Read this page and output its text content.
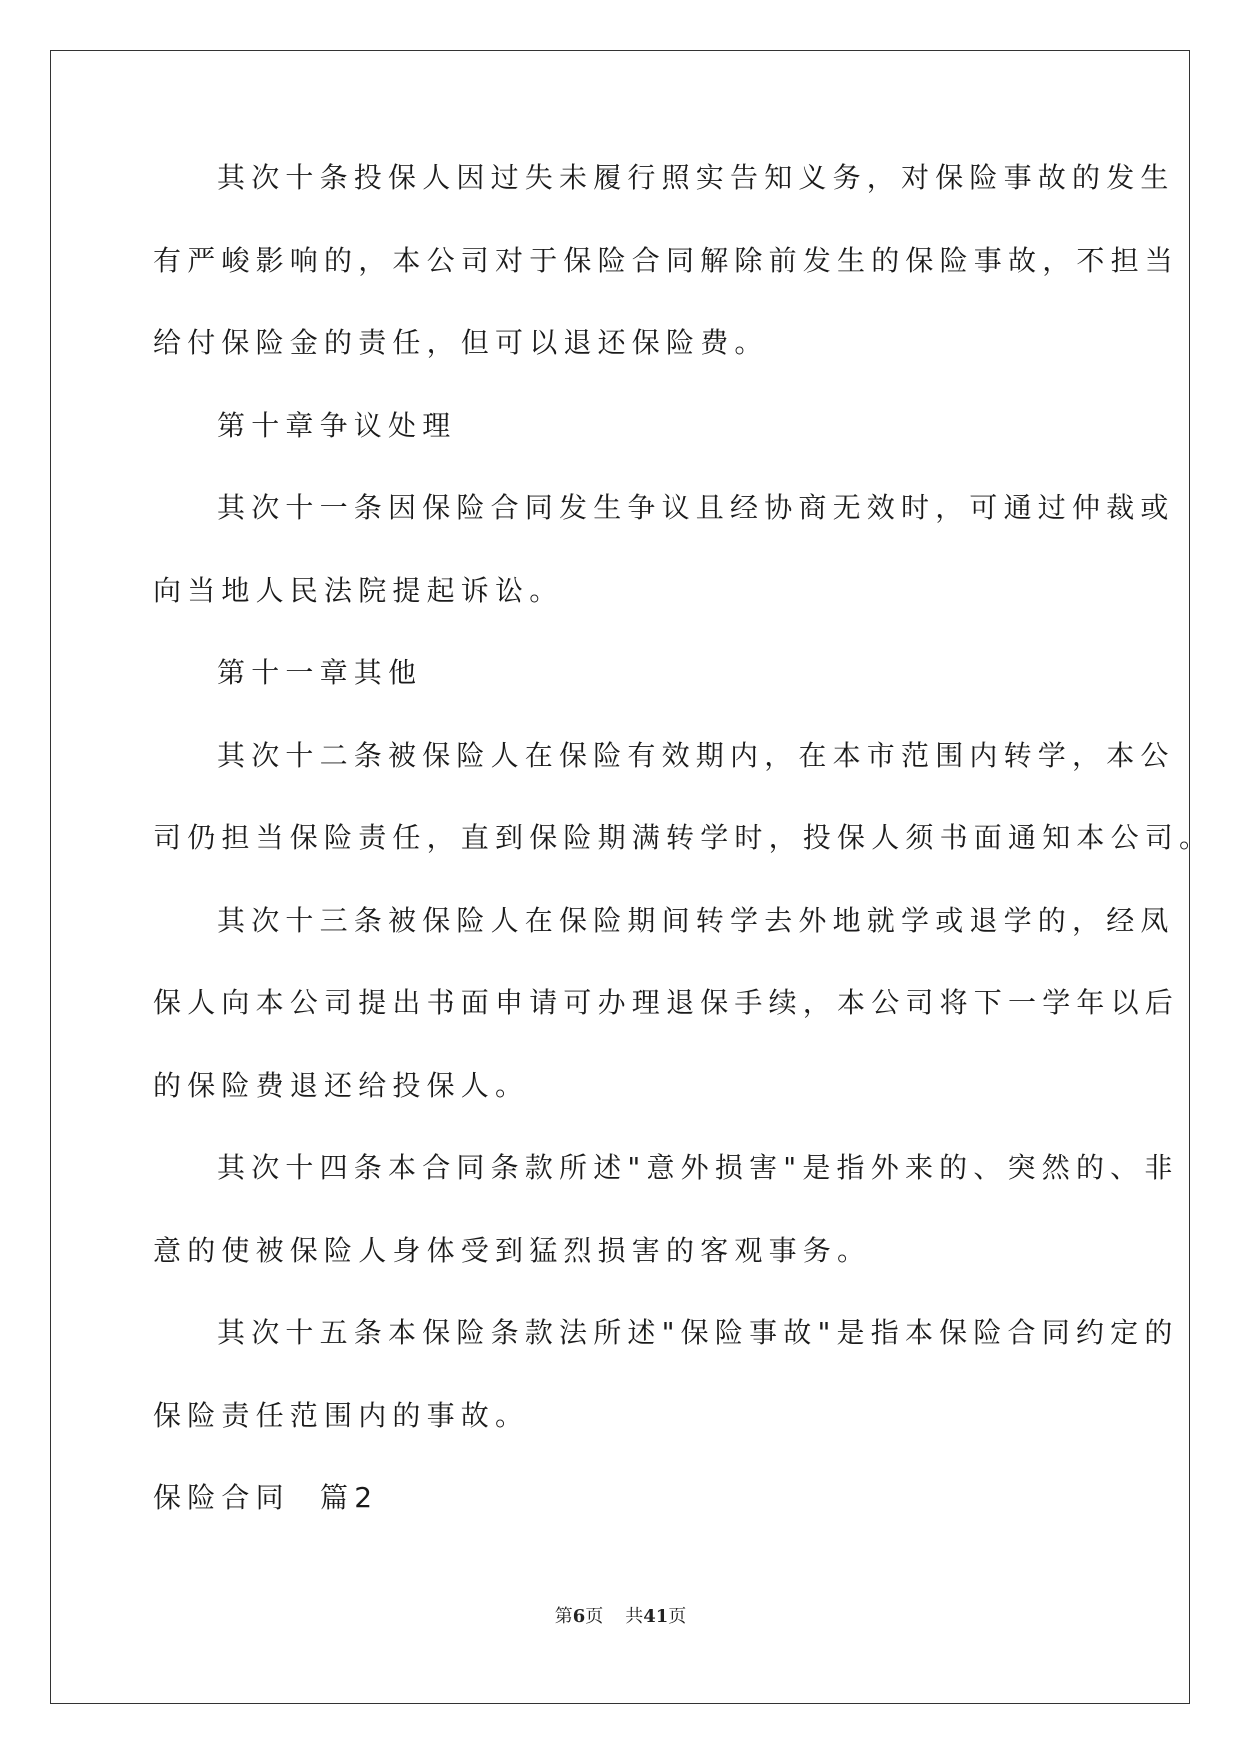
其次十条投保人因过失未履行照实告知义务，对保险事故的发生
有严峻影响的，本公司对于保险合同解除前发生的保险事故，不担当
给付保险金的责任，但可以退还保险费。
第十章争议处理
其次十一条因保险合同发生争议且经协商无效时，可通过仲裁或
向当地人民法院提起诉讼。
第十一章其他
其次十二条被保险人在保险有效期内，在本市范围内转学，本公
司仍担当保险责任，直到保险期满转学时，投保人须书面通知本公司。
其次十三条被保险人在保险期间转学去外地就学或退学的，经凤
保人向本公司提出书面申请可办理退保手续，本公司将下一学年以后
的保险费退还给投保人。
其次十四条本合同条款所述"意外损害"是指外来的、突然的、非
意的使被保险人身体受到猛烈损害的客观事务。
其次十五条本保险条款法所述"保险事故"是指本保险合同约定的
保险责任范围内的事故。
保险合同  篇2
第6页 共41页
